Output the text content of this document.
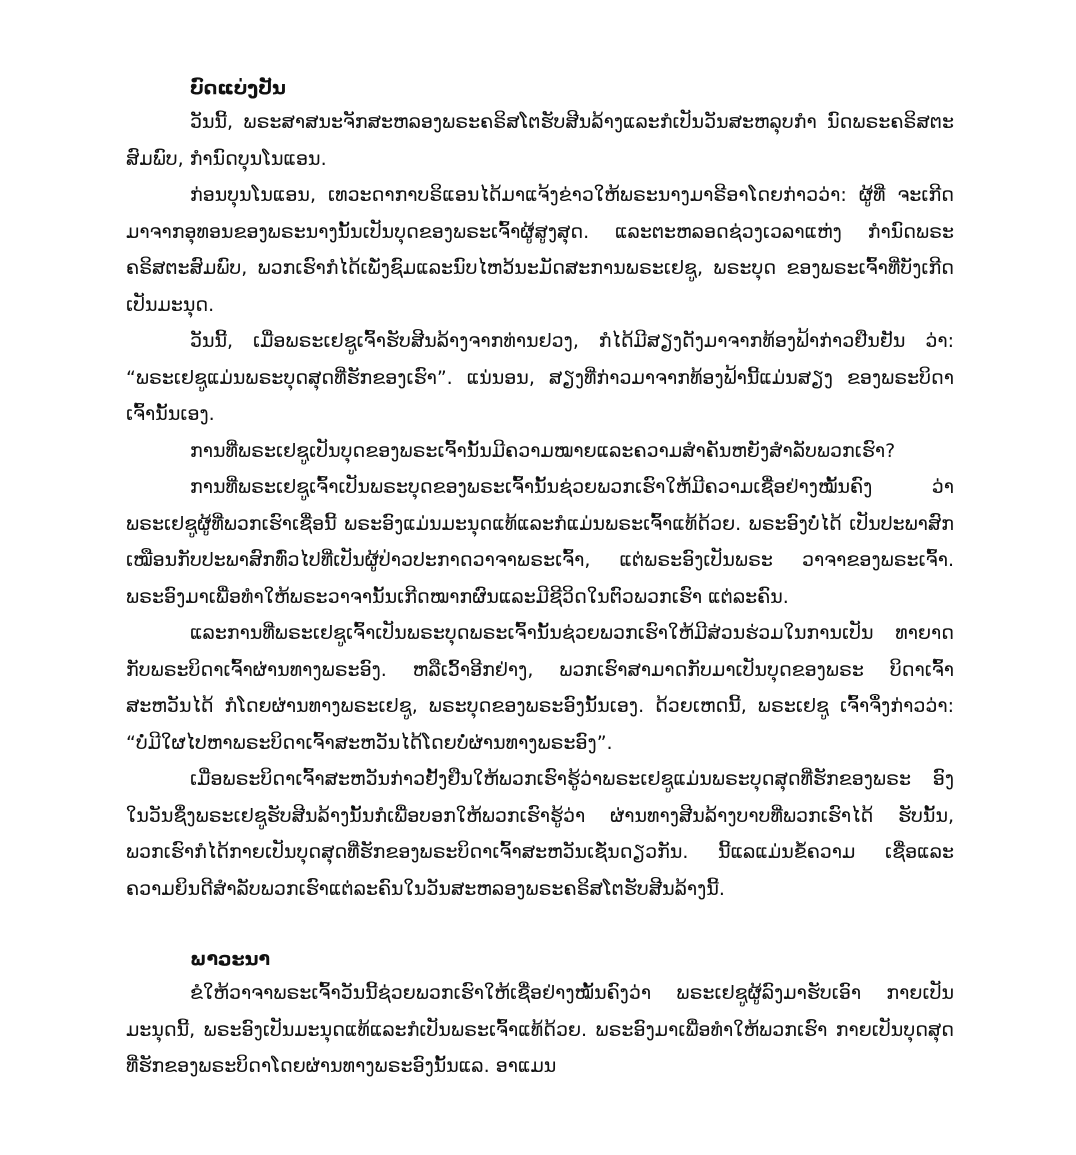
ບົດແບ່ງປັນ

ວັນນີ້, ພຣະສາສນະຈັກສະຫລອງພຣະຄຣິສໂຕຮັບສີນລ້າງແລະກໍເປັນວັນສະຫລຸບກໍາ ນົດພຣະຄຣິສຕະສົມພົບ, ກໍານົດບຸນໂນແອນ.

ກ່ອນບຸນໂນແອນ, ເທວະດາກາບຣິແອນໄດ້ມາແຈ້ງຂ່າວໃຫ້ພຣະນາງມາຣີອາໂດຍກ່າວວ່າ: ຜູ້ທີ່ ຈະເກີດມາຈາກອຸທອນຂອງພຣະນາງນັ້ນເປັນບຸດຂອງພຣະເຈົ້າຜູ້ສູງສຸດ. ແລະຕະຫລອດຊ່ວງເວລາແຫ່ງ ກໍານົດພຣະຄຣິສຕະສົມພົບ, ພວກເຮົາກໍໄດ້ເພັ່ງຊົມແລະນົບໄຫວ້ນະມັດສະການພຣະເຢຊູ, ພຣະບຸດ ຂອງພຣະເຈົ້າທີ່ບັງເກີດເປັນມະນຸດ.

ວັນນີ້, ເມື່ອພຣະເຢຊູເຈົ້າຮັບສີນລ້າງຈາກທ່ານຢວງ, ກໍໄດ້ມີສຽງດັງມາຈາກທ້ອງຟ້າກ່າວຢືນຢັນ ວ່າ: “ພຣະເຢຊູແມ່ນພຣະບຸດສຸດທີ່ຮັກຂອງເຮົາ”. ແນ່ນອນ, ສຽງທີ່ກ່າວມາຈາກທ້ອງຟ້ານີ້ແມ່ນສຽງ ຂອງພຣະບິດາເຈົ້ານັ້ນເອງ.

ການທີ່ພຣະເຢຊູເປັນບຸດຂອງພຣະເຈົ້ານັ້ນມີຄວາມໝາຍແລະຄວາມສໍາຄັນຫຍັງສໍາລັບພວກເຮົາ?

ການທີ່ພຣະເຢຊູເຈົ້າເປັນພຣະບຸດຂອງພຣະເຈົ້ານັ້ນຊ່ວຍພວກເຮົາໃຫ້ມີຄວາມເຊື່ອຢ່າງໝັ້ນຄົງ ວ່າພຣະເຢຊູຜູ້ທີ່ພວກເຮົາເຊື່ອນີ້ ພຣະອົງແມ່ນມະນຸດແທ້ແລະກໍແມ່ນພຣະເຈົ້າແທ້ດ້ວຍ. ພຣະອົງບໍ່ໄດ້ ເປັນປະພາສົກເໝືອນກັບປະພາສົກທົ່ວໄປທີ່ເປັນຜູ້ປ່າວປະກາດວາຈາພຣະເຈົ້າ, ແຕ່ພຣະອົງເປັນພຣະ ວາຈາຂອງພຣະເຈົ້າ. ພຣະອົງມາເພື່ອທໍາໃຫ້ພຣະວາຈານັ້ນເກີດໝາກຜົນແລະມີຊີວິດໃນຕົວພວກເຮົາ ແຕ່ລະຄົນ.

ແລະການທີ່ພຣະເຢຊູເຈົ້າເປັນພຣະບຸດພຣະເຈົ້ານັ້ນຊ່ວຍພວກເຮົາໃຫ້ມີສ່ວນຮ່ວມໃນການເປັນ ທາຍາດກັບພຣະບິດາເຈົ້າຜ່ານທາງພຣະອົງ. ຫລືເວົ້າອີກຢ່າງ, ພວກເຮົາສາມາດກັບມາເປັນບຸດຂອງພຣະ ບິດາເຈົ້າສະຫວັນໄດ້ ກໍໂດຍຜ່ານທາງພຣະເຢຊູ, ພຣະບຸດຂອງພຣະອົງນັ້ນເອງ. ດ້ວຍເຫດນີ້, ພຣະເຢຊູ ເຈົ້າຈຶ່ງກ່າວວ່າ: “ບໍ່ມີໃຜໄປຫາພຣະບິດາເຈົ້າສະຫວັນໄດ້ໂດຍບໍ່ຜ່ານທາງພຣະອົງ”.

ເມື່ອພຣະບິດາເຈົ້າສະຫວັນກ່າວຢັ້ງຢືນໃຫ້ພວກເຮົາຮູ້ວ່າພຣະເຢຊູແມ່ນພຣະບຸດສຸດທີ່ຮັກຂອງພຣະ ອົງໃນວັນຊຶ່ງພຣະເຢຊູຮັບສີນລ້າງນັ້ນກໍເພື່ອບອກໃຫ້ພວກເຮົາຮູ້ວ່າ ຜ່ານທາງສີນລ້າງບາບທີ່ພວກເຮົາໄດ້ ຮັບນັ້ນ, ພວກເຮົາກໍໄດ້ກາຍເປັນບຸດສຸດທີ່ຮັກຂອງພຣະບິດາເຈົ້າສະຫວັນເຊັ່ນດຽວກັນ. ນີ້ແລແມ່ນຂໍ້ຄວາມ ເຊື່ອແລະຄວາມຍິນດີສໍາລັບພວກເຮົາແຕ່ລະຄົນໃນວັນສະຫລອງພຣະຄຣິສໂຕຮັບສີນລ້າງນີ້.

ພາວະນາ

ຂໍໃຫ້ວາຈາພຣະເຈົ້າວັນນີ້ຊ່ວຍພວກເຮົາໃຫ້ເຊື່ອຢ່າງໝັ້ນຄົງວ່າ ພຣະເຢຊູຜູ້ລົງມາຮັບເອົາ ກາຍເປັນມະນຸດນີ້, ພຣະອົງເປັນມະນຸດແທ້ແລະກໍເປັນພຣະເຈົ້າແທ້ດ້ວຍ. ພຣະອົງມາເພື່ອທໍາໃຫ້ພວກເຮົາ ກາຍເປັນບຸດສຸດທີ່ຮັກຂອງພຣະບິດາໂດຍຜ່ານທາງພຣະອົງນັ້ນແລ. ອາແມນ
